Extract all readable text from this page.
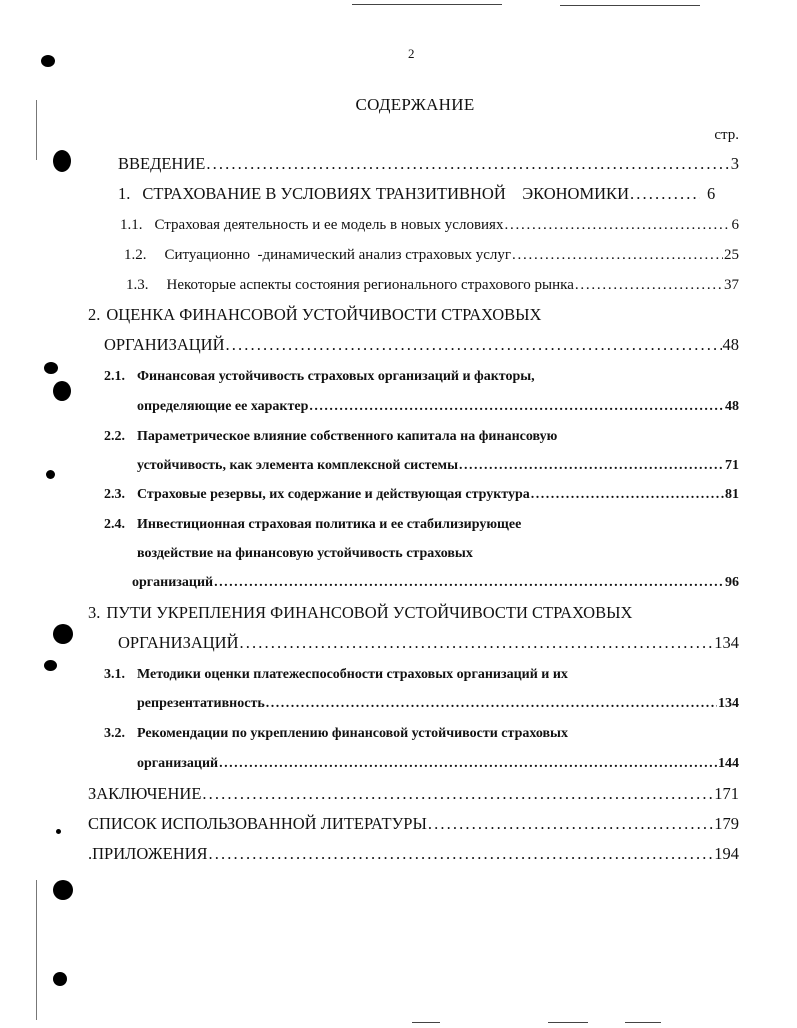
2
СОДЕРЖАНИЕ
стр.
ВВЕДЕНИЕ . . .	3
1. СТРАХОВАНИЕ В УСЛОВИЯХ ТРАНЗИТИВНОЙ    ЭКОНОМИКИ . . .	6
1.1. Страховая деятельность и ее модель в новых условиях . . .	6
1.2. Ситуационно  -динамический анализ страховых услуг . . .	25
1.3. Некоторые аспекты состояния регионального страхового рынка . . .	37
2. ОЦЕНКА ФИНАНСОВОЙ УСТОЙЧИВОСТИ СТРАХОВЫХ
ОРГАНИЗАЦИЙ . . .	48
2.1. Финансовая устойчивость страховых организаций и факторы,
определяющие ее характер . . .	48
2.2. Параметрическое влияние собственного капитала на финансовую
устойчивость, как элемента комплексной системы . . .	71
2.3. Страховые резервы, их содержание и действующая структура . . .	81
2.4. Инвестиционная страховая политика и ее стабилизирующее
воздействие на финансовую устойчивость страховых
организаций . . .	96
3. ПУТИ УКРЕПЛЕНИЯ ФИНАНСОВОЙ УСТОЙЧИВОСТИ СТРАХОВЫХ
ОРГАНИЗАЦИЙ . . .	134
3.1. Методики оценки платежеспособности страховых организаций и их
репрезентативность . . .	134
3.2. Рекомендации по укреплению финансовой устойчивости страховых
организаций . . .	144
ЗАКЛЮЧЕНИЕ . . .	171
СПИСОК ИСПОЛЬЗОВАННОЙ ЛИТЕРАТУРЫ . . .	179
.ПРИЛОЖЕНИЯ . . .	194
